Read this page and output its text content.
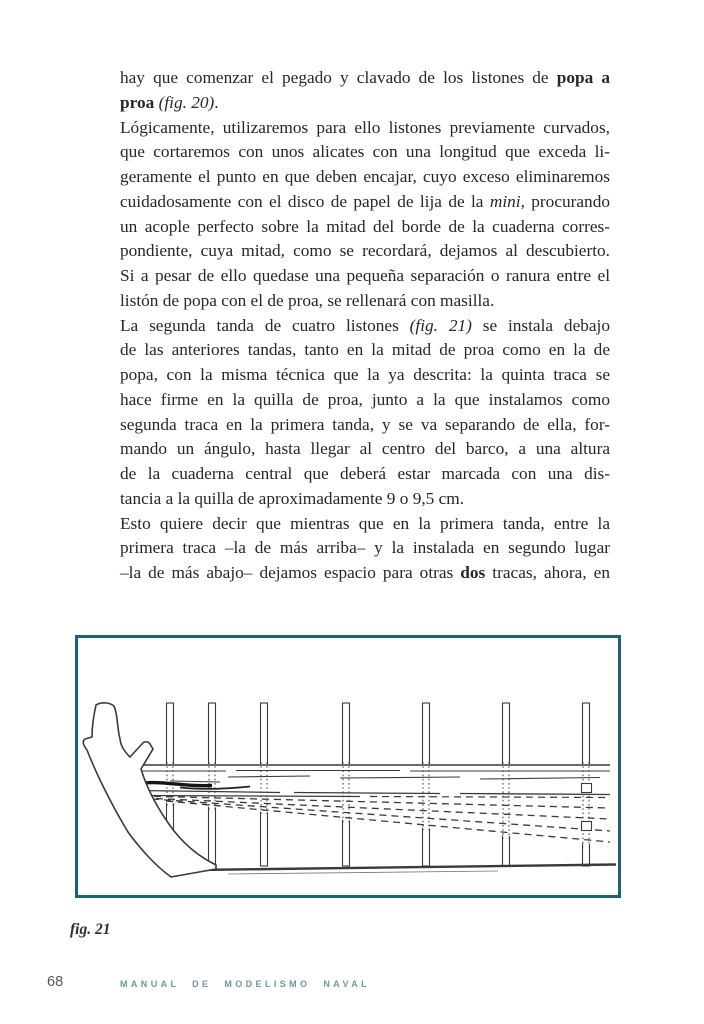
hay que comenzar el pegado y clavado de los listones de popa a
proa (fig. 20).
Lógicamente, utilizaremos para ello listones previamente curvados,
que cortaremos con unos alicates con una longitud que exceda li-
geramente el punto en que deben encajar, cuyo exceso eliminaremos
cuidadosamente con el disco de papel de lija de la mini, procurando
un acople perfecto sobre la mitad del borde de la cuaderna corres-
pondiente, cuya mitad, como se recordará, dejamos al descubierto.
Si a pesar de ello quedase una pequeña separación o ranura entre el
listón de popa con el de proa, se rellenará con masilla.
La segunda tanda de cuatro listones (fig. 21) se instala debajo
de las anteriores tandas, tanto en la mitad de proa como en la de
popa, con la misma técnica que la ya descrita: la quinta traca se
hace firme en la quilla de proa, junto a la que instalamos como
segunda traca en la primera tanda, y se va separando de ella, for-
mando un ángulo, hasta llegar al centro del barco, a una altura
de la cuaderna central que deberá estar marcada con una dis-
tancia a la quilla de aproximadamente 9 o 9,5 cm.
Esto quiere decir que mientras que en la primera tanda, entre la
primera traca –la de más arriba– y la instalada en segundo lugar
–la de más abajo– dejamos espacio para otras dos tracas, ahora, en
fig. 21
68	MANUAL DE MODELISMO NAVAL
